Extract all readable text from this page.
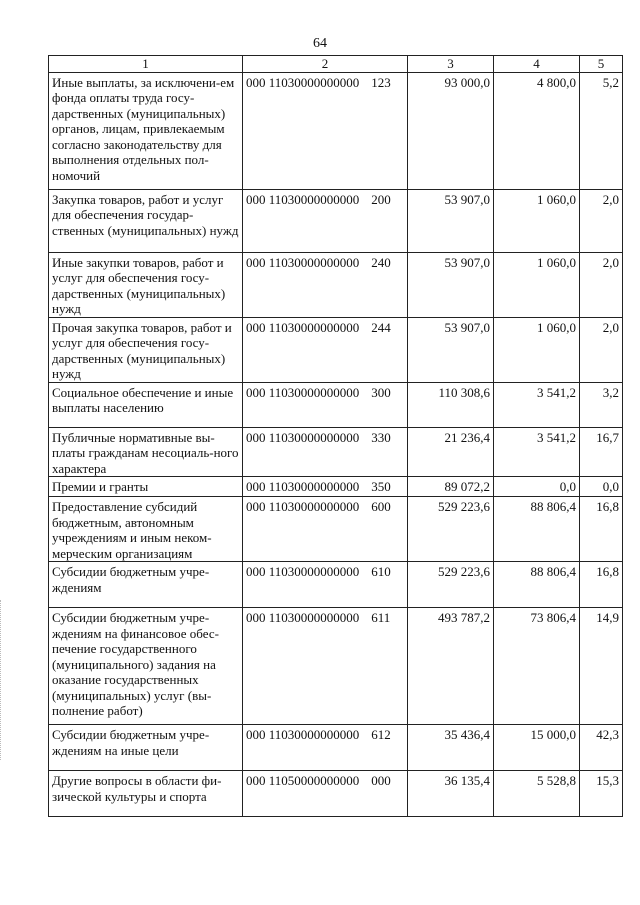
64
1	2	3	4	5
Иные выплаты, за исключени-ем фонда оплаты труда госу-дарственных (муниципальных) органов, лицам, привлекаемым согласно законодательству для выполнения отдельных пол-номочий	000 11030000000000 123	93 000,0	4 800,0	5,2
Закупка товаров, работ и услуг для обеспечения государ-ственных (муниципальных) нужд	000 11030000000000 200	53 907,0	1 060,0	2,0
Иные закупки товаров, работ и услуг для обеспечения госу-дарственных (муниципальных) нужд	000 11030000000000 240	53 907,0	1 060,0	2,0
Прочая закупка товаров, работ и услуг для обеспечения госу-дарственных (муниципальных) нужд	000 11030000000000 244	53 907,0	1 060,0	2,0
Социальное обеспечение и иные выплаты населению	000 11030000000000 300	110 308,6	3 541,2	3,2
Публичные нормативные вы-платы гражданам несоциаль-ного характера	000 11030000000000 330	21 236,4	3 541,2	16,7
Премии и гранты	000 11030000000000 350	89 072,2	0,0	0,0
Предоставление субсидий бюджетным, автономным учреждениям и иным неком-мерческим организациям	000 11030000000000 600	529 223,6	88 806,4	16,8
Субсидии бюджетным учре-ждениям	000 11030000000000 610	529 223,6	88 806,4	16,8
Субсидии бюджетным учре-ждениям на финансовое обес-печение государственного (муниципального) задания на оказание государственных (муниципальных) услуг (вы-полнение работ)	000 11030000000000 611	493 787,2	73 806,4	14,9
Субсидии бюджетным учре-ждениям на иные цели	000 11030000000000 612	35 436,4	15 000,0	42,3
Другие вопросы в области фи-зической культуры и спорта	000 11050000000000 000	36 135,4	5 528,8	15,3
